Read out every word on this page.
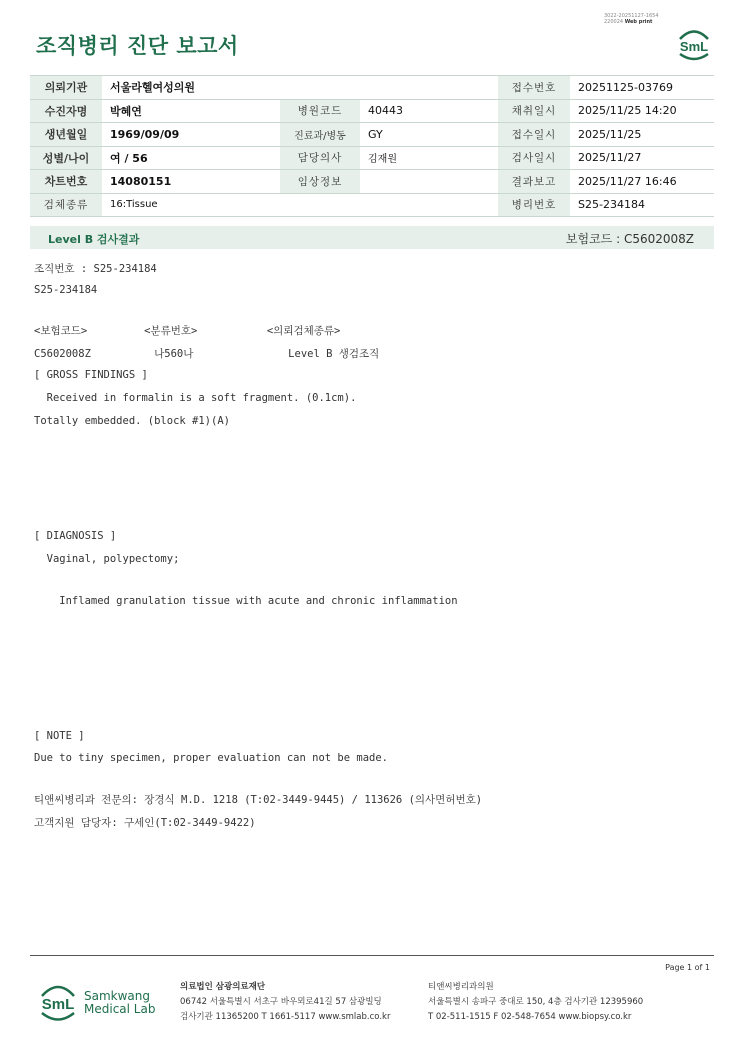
조직병리 진단 보고서
3022-20251127-1654
220024 Web print
SmL
의뢰기관	서울라헬여성의원			접수번호	20251125-03769
수진자명	박혜연	병원코드	40443	채취일시	2025/11/25 14:20
생년월일	1969/09/09	진료과/병동	GY	접수일시	2025/11/25
성별/나이	여 / 56	담당의사	김재원	검사일시	2025/11/27
차트번호	14080151	임상정보		결과보고	2025/11/27 16:46
검체종류	16:Tissue			병리번호	S25-234184
Level B 검사결과	보험코드 : C5602008Z
조직번호 : S25-234184
S25-234184
<보험코드>         <분류번호>           <의뢰검체종류>
C5602008Z          나560나               Level B 생검조직
[ GROSS FINDINGS ]
Received in formalin is a soft fragment. (0.1cm).
Totally embedded. (block #1)(A)
[ DIAGNOSIS ]
Vaginal, polypectomy;
Inflamed granulation tissue with acute and chronic inflammation
[ NOTE ]
Due to tiny specimen, proper evaluation can not be made.
티앤씨병리과 전문의: 장경식 M.D. 1218 (T:02-3449-9445) / 113626 (의사면허번호)
고객지원 담당자: 구세인(T:02-3449-9422)
Page 1 of 1
SmL Samkwang
Medical Lab
의료법인 삼광의료재단
06742 서울특별시 서초구 바우뫼로41길 57 삼광빌딩
검사기관 11365200 T 1661-5117 www.smlab.co.kr
티앤씨병리과의원
서울특별시 송파구 중대로 150, 4층 검사기관 12395960
T 02-511-1515 F 02-548-7654 www.biopsy.co.kr
